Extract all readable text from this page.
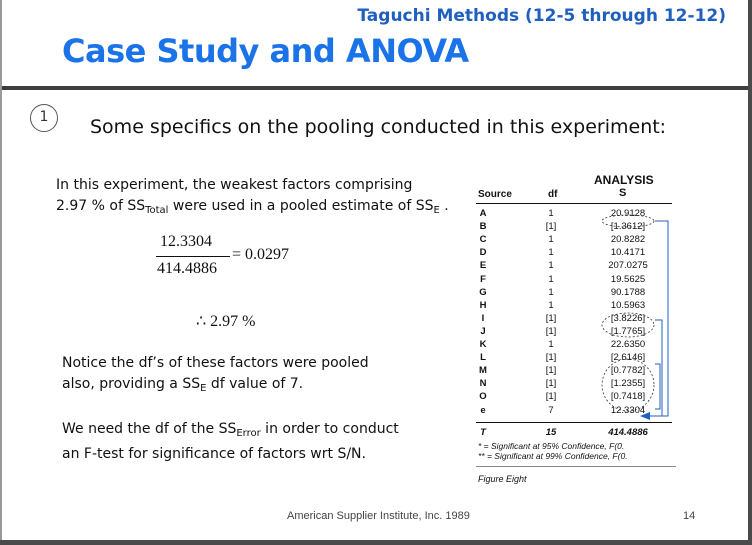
Taguchi Methods (12-5 through 12-12)
Case Study and ANOVA
1	Some specifics on the pooling conducted in this experiment:
In this experiment, the weakest factors comprising
2.97 % of $SS_{Total}$ were used in a pooled estimate of $SS_E$ .
12.3304
414.4886
= 0.0297
∴ 2.97 %
Notice the df’s of these factors were pooled
also, providing a $SS_E$ df value of 7.
We need the df of the $SS_{Error}$ in order to conduct
an F-test for significance of factors wrt S/N.
ANALYSIS
Source	df	S
A	1	20.9128
B	[1]	[1.3612]
C	1	20.8282
D	1	10.4171
E	1	207.0275
F	1	19.5625
G	1	90.1788
H	1	10.5963
I	[1]	[3.8226]
J	[1]	[1.7765]
K	1	22.6350
L	[1]	[2.6146]
M	[1]	[0.7782]
N	[1]	[1.2355]
O	[1]	[0.7418]
e	7	12.3304
T	15	414.4886
* = Significant at 95% Confidence, F(0.
** = Significant at 99% Confidence, F(0.
Figure Eight
American Supplier Institute, Inc. 1989	14
